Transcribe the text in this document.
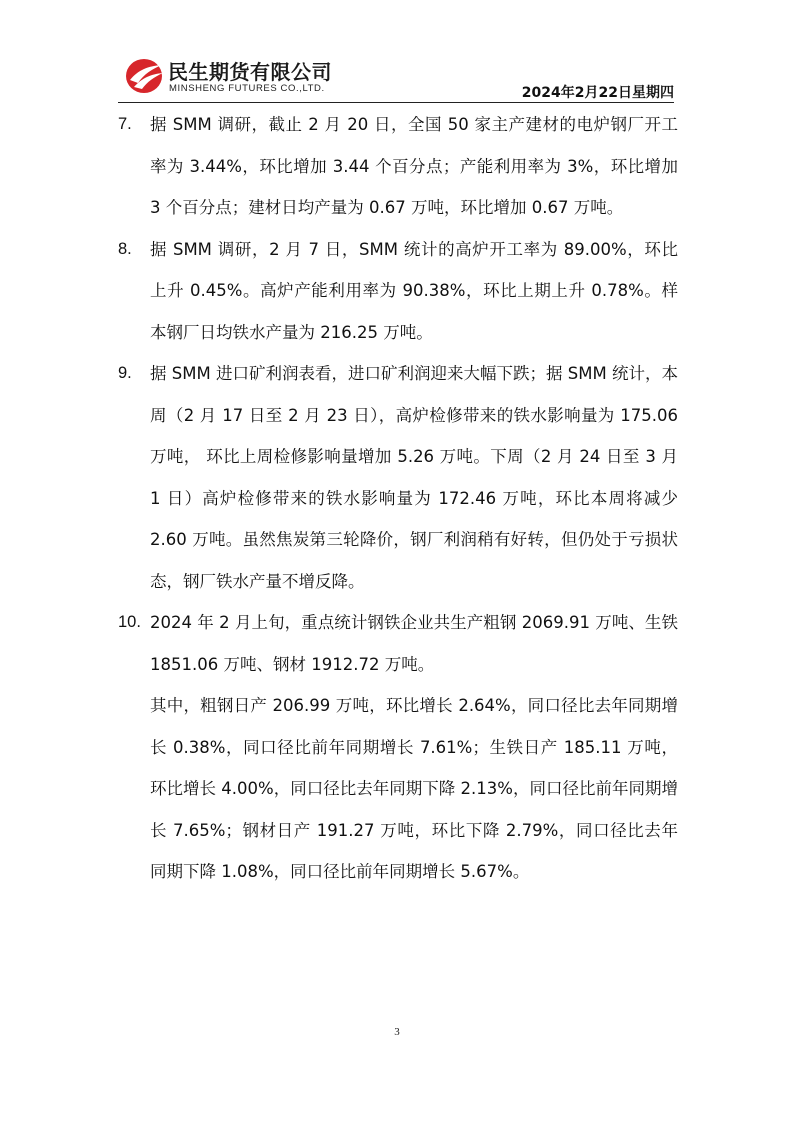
民生期货有限公司
MINSHENG FUTURES CO.,LTD.	2024年2月22日星期四
7. 据 SMM 调研，截止 2 月 20 日，全国 50 家主产建材的电炉钢厂开工率为 3.44%，环比增加 3.44 个百分点；产能利用率为 3%，环比增加 3 个百分点；建材日均产量为 0.67 万吨，环比增加 0.67 万吨。
8. 据 SMM 调研，2 月 7 日，SMM 统计的高炉开工率为 89.00%，环比上升 0.45%。高炉产能利用率为 90.38%，环比上期上升 0.78%。样本钢厂日均铁水产量为 216.25 万吨。
9. 据 SMM 进口矿利润表看，进口矿利润迎来大幅下跌；据 SMM 统计，本周（2 月 17 日至 2 月 23 日），高炉检修带来的铁水影响量为 175.06 万吨， 环比上周检修影响量增加 5.26 万吨。下周（2 月 24 日至 3 月 1 日）高炉检修带来的铁水影响量为 172.46 万吨，环比本周将减少 2.60 万吨。虽然焦炭第三轮降价，钢厂利润稍有好转，但仍处于亏损状态，钢厂铁水产量不增反降。
10. 2024 年 2 月上旬，重点统计钢铁企业共生产粗钢 2069.91 万吨、生铁 1851.06 万吨、钢材 1912.72 万吨。

其中，粗钢日产 206.99 万吨，环比增长 2.64%，同口径比去年同期增长 0.38%，同口径比前年同期增长 7.61%；生铁日产 185.11 万吨，环比增长 4.00%，同口径比去年同期下降 2.13%，同口径比前年同期增长 7.65%；钢材日产 191.27 万吨，环比下降 2.79%，同口径比去年同期下降 1.08%，同口径比前年同期增长 5.67%。

3
